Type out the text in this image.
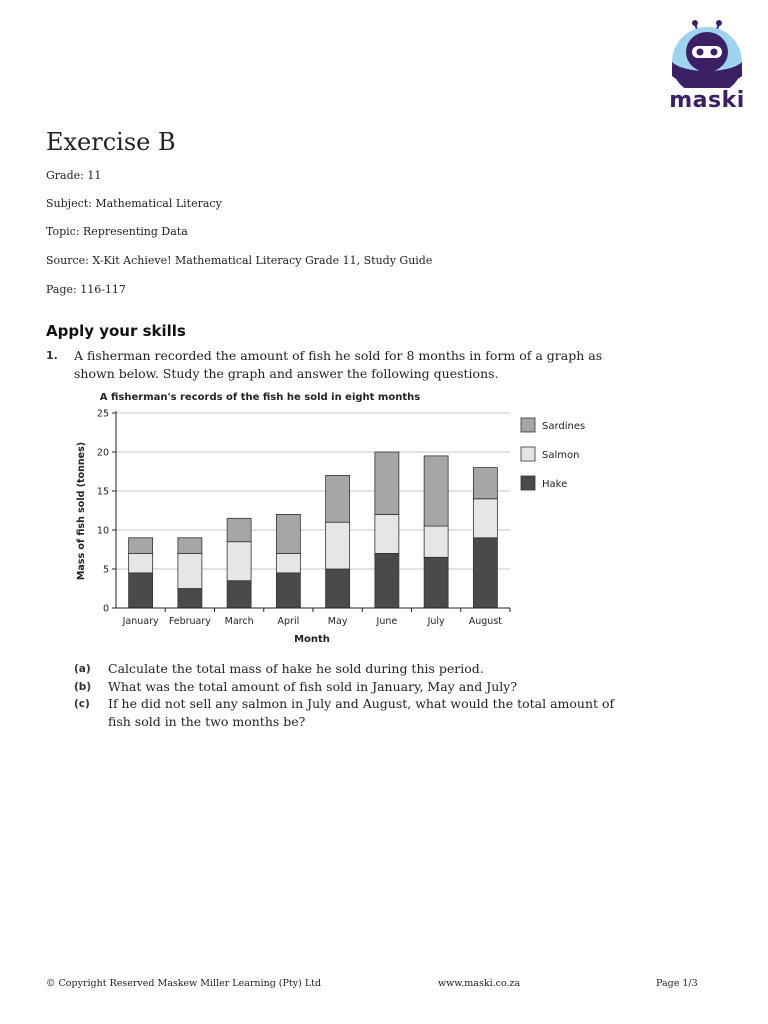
maski
Exercise B

Grade: 11

Subject: Mathematical Literacy

Topic: Representing Data

Source: X-Kit Achieve! Mathematical Literacy Grade 11, Study Guide

Page: 116-117

Apply your skills
1. A fisherman recorded the amount of fish he sold for 8 months in form of a graph as shown below. Study the graph and answer the following questions.

A fisherman's records of the fish he sold in eight months
Mass of fish sold (tonnes)
Month
0
5
10
15
20
25
January February March	April	May	June	July	August
Sardines
Salmon
Hake
(a) Calculate the total mass of hake he sold during this period.

(b) What was the total amount of fish sold in January, May and July?

(c) If he did not sell any salmon in July and August, what would the total amount of fish sold in the two months be?

© Copyright Reserved Maskew Miller Learning (Pty) Ltd	www.maski.co.za	Page 1/3
